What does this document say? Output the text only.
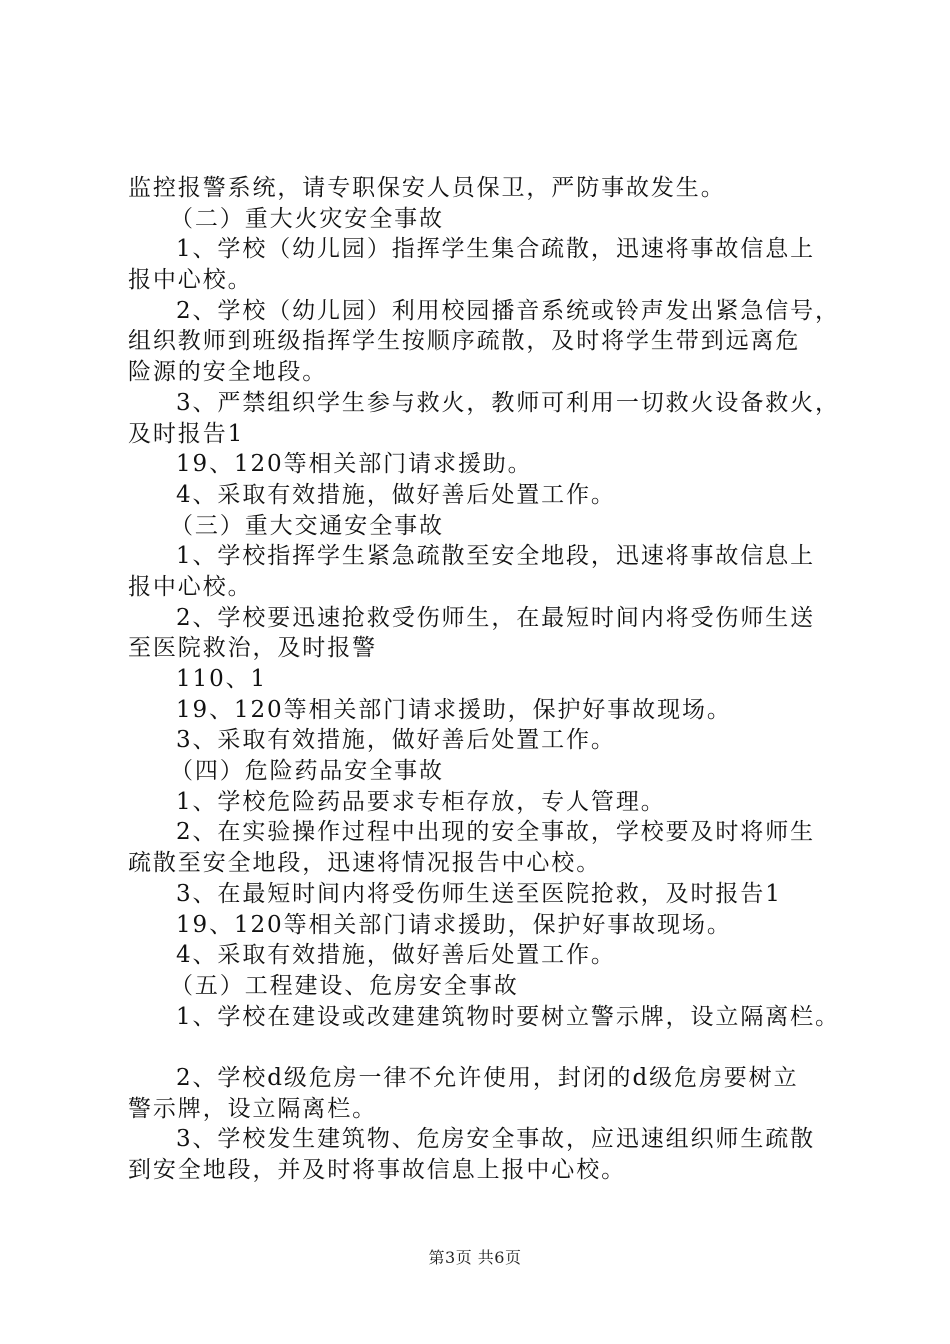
监控报警系统，请专职保安人员保卫，严防事故发生。
（二）重大火灾安全事故
1、学校（幼儿园）指挥学生集合疏散，迅速将事故信息上
报中心校。
2、学校（幼儿园）利用校园播音系统或铃声发出紧急信号，
组织教师到班级指挥学生按顺序疏散，及时将学生带到远离危
险源的安全地段。
3、严禁组织学生参与救火，教师可利用一切救火设备救火，
及时报告1
19、120等相关部门请求援助。
4、采取有效措施，做好善后处置工作。
（三）重大交通安全事故
1、学校指挥学生紧急疏散至安全地段，迅速将事故信息上
报中心校。
2、学校要迅速抢救受伤师生，在最短时间内将受伤师生送
至医院救治，及时报警
110、1
19、120等相关部门请求援助，保护好事故现场。
3、采取有效措施，做好善后处置工作。
（四）危险药品安全事故
1、学校危险药品要求专柜存放，专人管理。
2、在实验操作过程中出现的安全事故，学校要及时将师生
疏散至安全地段，迅速将情况报告中心校。
3、在最短时间内将受伤师生送至医院抢救，及时报告1
19、120等相关部门请求援助，保护好事故现场。
4、采取有效措施，做好善后处置工作。
（五）工程建设、危房安全事故
1、学校在建设或改建建筑物时要树立警示牌，设立隔离栏。
2、学校d级危房一律不允许使用，封闭的d级危房要树立
警示牌，设立隔离栏。
3、学校发生建筑物、危房安全事故，应迅速组织师生疏散
到安全地段，并及时将事故信息上报中心校。
第3页 共6页
